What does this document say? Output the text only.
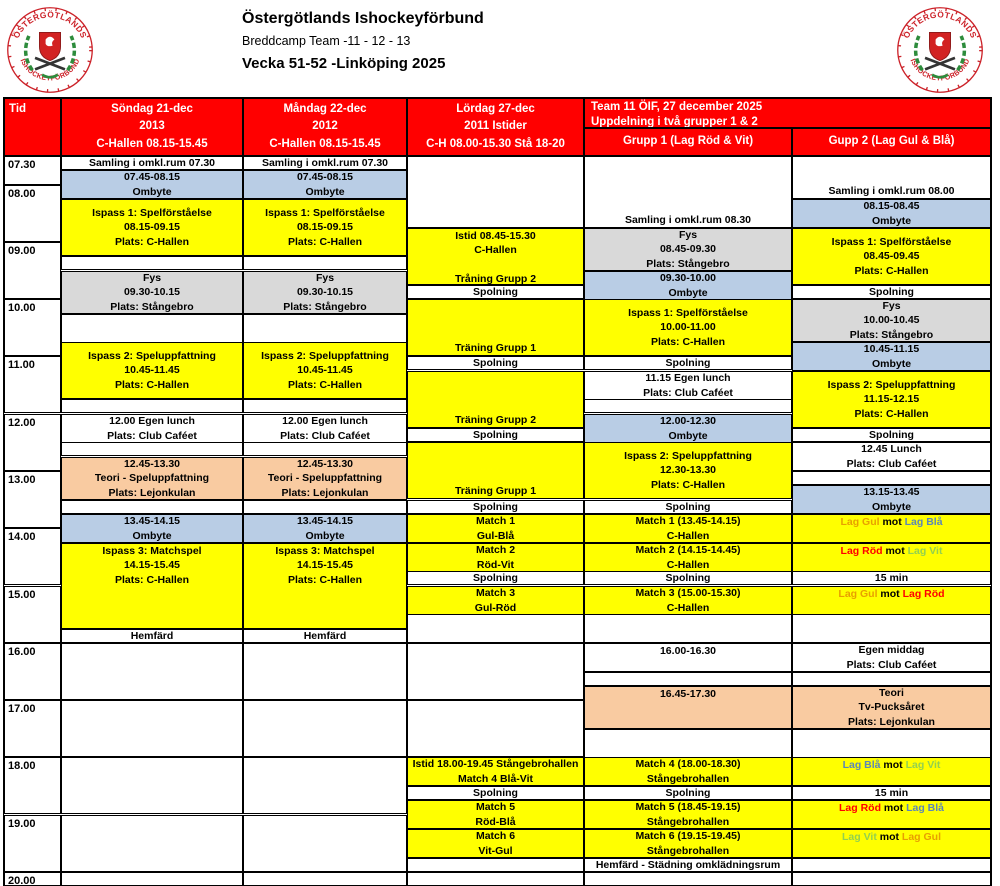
ÖSTERGÖTLANDS
ISHOCKEYFÖRBUND
Östergötlands Ishockeyförbund
Breddcamp Team -11 - 12 - 13
Vecka 51-52 -Linköping 2025
ÖSTERGÖTLANDS
ISHOCKEYFÖRBUND
Tid	Söndag 21-dec
2013
C-Hallen 08.15-15.45
Måndag 22-dec
2012
C-Hallen 08.15-15.45
Lördag 27-dec
2011 Istider
C-H 08.00-15.30 Stå 18-20
Team 11 ÖIF, 27 december 2025
Uppdelning i två grupper 1 & 2
Grupp 1 (Lag Röd & Vit)	Gupp 2 (Lag Gul & Blå)
07.30
08.00
09.00
10.00
11.00
12.00
13.00
14.00
15.00
16.00
17.00
18.00
19.00
20.00
Samling i omkl.rum 07.30
07.45-08.15
Ombyte
Ispass 1: Spelförståelse
08.15-09.15
Plats: C-Hallen
Fys
09.30-10.15
Plats: Stångebro
Ispass 2: Speluppfattning
10.45-11.45
Plats: C-Hallen
12.00 Egen lunch
Plats: Club Caféet
12.45-13.30
Teori - Speluppfattning
Plats: Lejonkulan
13.45-14.15
Ombyte
Ispass 3: Matchspel
14.15-15.45
Plats: C-Hallen
Hemfärd
Samling i omkl.rum 07.30
07.45-08.15
Ombyte
Ispass 1: Spelförståelse
08.15-09.15
Plats: C-Hallen
Fys
09.30-10.15
Plats: Stångebro
Ispass 2: Speluppfattning
10.45-11.45
Plats: C-Hallen
12.00 Egen lunch
Plats: Club Caféet
12.45-13.30
Teori - Speluppfattning
Plats: Lejonkulan
13.45-14.15
Ombyte
Ispass 3: Matchspel
14.15-15.45
Plats: C-Hallen
Hemfärd
Istid 08.45-15.30
C-Hallen
Tråning Grupp 2
Spolning
Träning Grupp 1
Spolning
Träning Grupp 2
Spolning
Träning Grupp 1
Spolning
Match 1
Gul-Blå
Match 2
Röd-Vit
Spolning
Match 3
Gul-Röd
Istid 18.00-19.45 Stångebrohallen
Match 4 Blå-Vit
Spolning
Match 5
Röd-Blå
Match 6
Vit-Gul
Samling i omkl.rum 08.30
Fys
08.45-09.30
Plats: Stångebro
09.30-10.00
Ombyte
Ispass 1: Spelförståelse
10.00-11.00
Plats: C-Hallen
Spolning
11.15 Egen lunch
Plats: Club Caféet
12.00-12.30
Ombyte
Ispass 2: Speluppfattning
12.30-13.30
Plats: C-Hallen
Spolning
Match 1 (13.45-14.15)
C-Hallen
Match 2 (14.15-14.45)
C-Hallen
Spolning
Match 3 (15.00-15.30)
C-Hallen
16.00-16.30
16.45-17.30
Match 4 (18.00-18.30)
Stångebrohallen
Spolning
Match 5 (18.45-19.15)
Stångebrohallen
Match 6 (19.15-19.45)
Stångebrohallen
Hemfärd - Städning omklädningsrum
Samling i omkl.rum 08.00
08.15-08.45
Ombyte
Ispass 1: Spelförståelse
08.45-09.45
Plats: C-Hallen
Spolning
Fys
10.00-10.45
Plats: Stångebro
10.45-11.15
Ombyte
Ispass 2: Speluppfattning
11.15-12.15
Plats: C-Hallen
Spolning
12.45 Lunch
Plats: Club Caféet
13.15-13.45
Ombyte
Lag Gul mot Lag Blå
Lag Röd mot Lag Vit
15 min
Lag Gul mot Lag Röd
Egen middag
Plats: Club Caféet
Teori
Tv-Pucksåret
Plats: Lejonkulan
Lag Blå mot Lag Vit
15 min
Lag Röd mot Lag Blå
Lag Vit mot Lag Gul
